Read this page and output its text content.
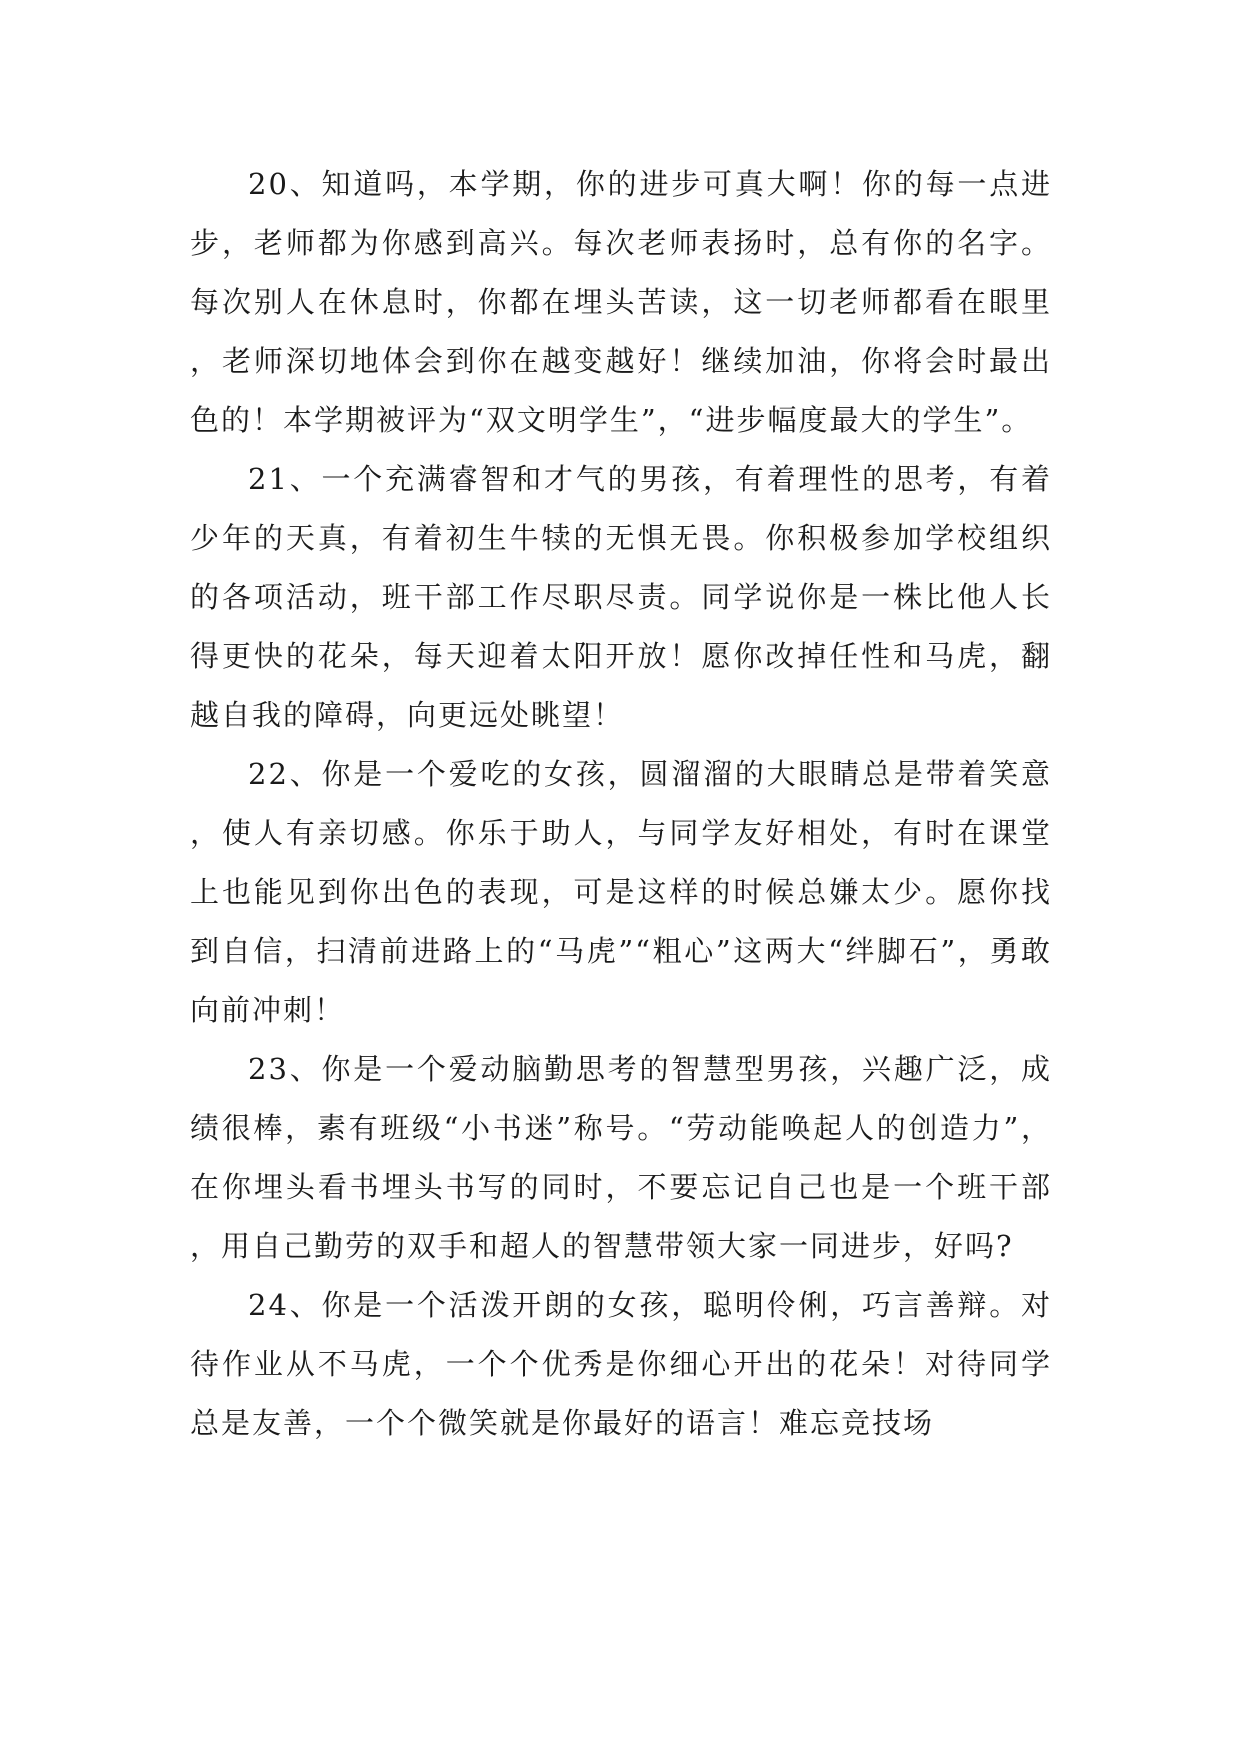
20、知道吗，本学期，你的进步可真大啊！你的每一点进步，老师都为你感到高兴。每次老师表扬时，总有你的名字。每次别人在休息时，你都在埋头苦读，这一切老师都看在眼里，老师深切地体会到你在越变越好！继续加油，你将会时最出色的！本学期被评为“双文明学生”，“进步幅度最大的学生”。

21、一个充满睿智和才气的男孩，有着理性的思考，有着少年的天真，有着初生牛犊的无惧无畏。你积极参加学校组织的各项活动，班干部工作尽职尽责。同学说你是一株比他人长得更快的花朵，每天迎着太阳开放！愿你改掉任性和马虎，翻越自我的障碍，向更远处眺望！

22、你是一个爱吃的女孩，圆溜溜的大眼睛总是带着笑意，使人有亲切感。你乐于助人，与同学友好相处，有时在课堂上也能见到你出色的表现，可是这样的时候总嫌太少。愿你找到自信，扫清前进路上的“马虎”“粗心”这两大“绊脚石”，勇敢向前冲刺！

23、你是一个爱动脑勤思考的智慧型男孩，兴趣广泛，成绩很棒，素有班级“小书迷”称号。“劳动能唤起人的创造力”，在你埋头看书埋头书写的同时，不要忘记自己也是一个班干部，用自己勤劳的双手和超人的智慧带领大家一同进步，好吗?

24、你是一个活泼开朗的女孩，聪明伶俐，巧言善辩。对待作业从不马虎，一个个优秀是你细心开出的花朵！对待同学总是友善，一个个微笑就是你最好的语言！难忘竞技场
